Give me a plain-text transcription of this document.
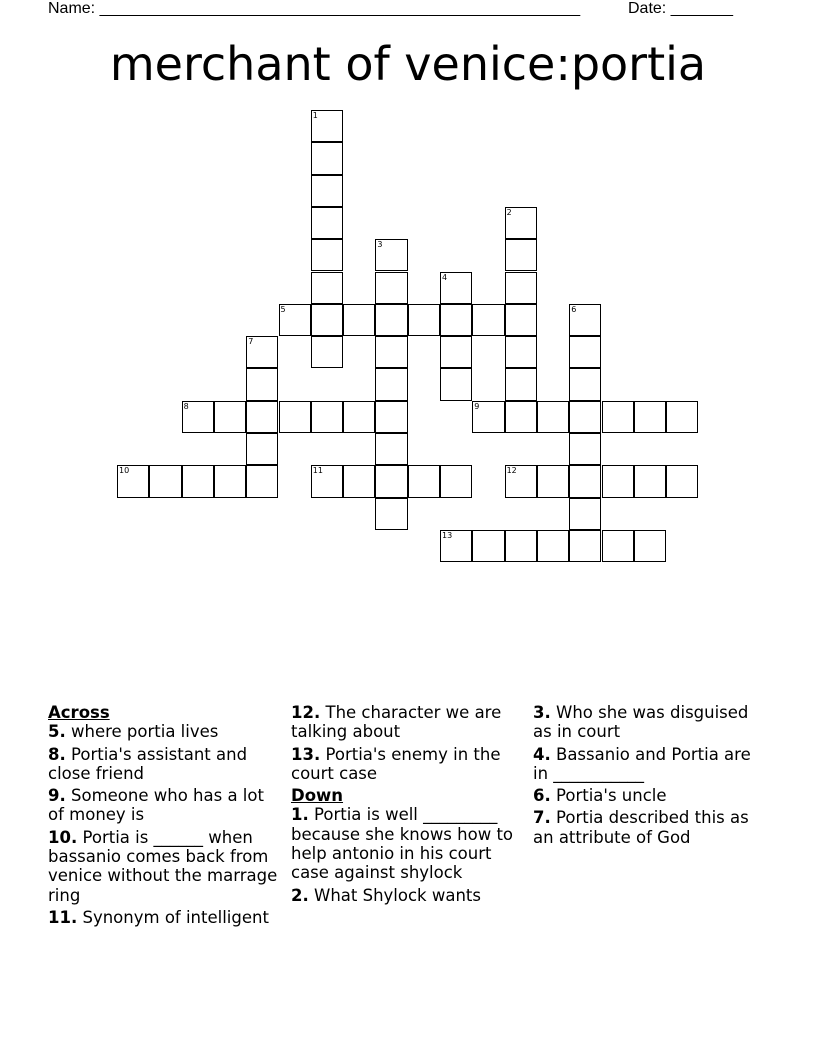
Name: ______________________________________________________	Date: _______
merchant of venice:portia
1
2
3
4
5	6
7
8	9
10	11	12
13
Across
5. where portia lives
8. Portia's assistant and close friend
9. Someone who has a lot of money is
10. Portia is ______ when bassanio comes back from venice without the marrage ring
11. Synonym of intelligent
12. The character we are talking about
13. Portia's enemy in the court case
Down
1. Portia is well _________ because she knows how to help antonio in his court case against shylock
2. What Shylock wants
3. Who she was disguised as in court
4. Bassanio and Portia are in ___________
6. Portia's uncle
7. Portia described this as an attribute of God
